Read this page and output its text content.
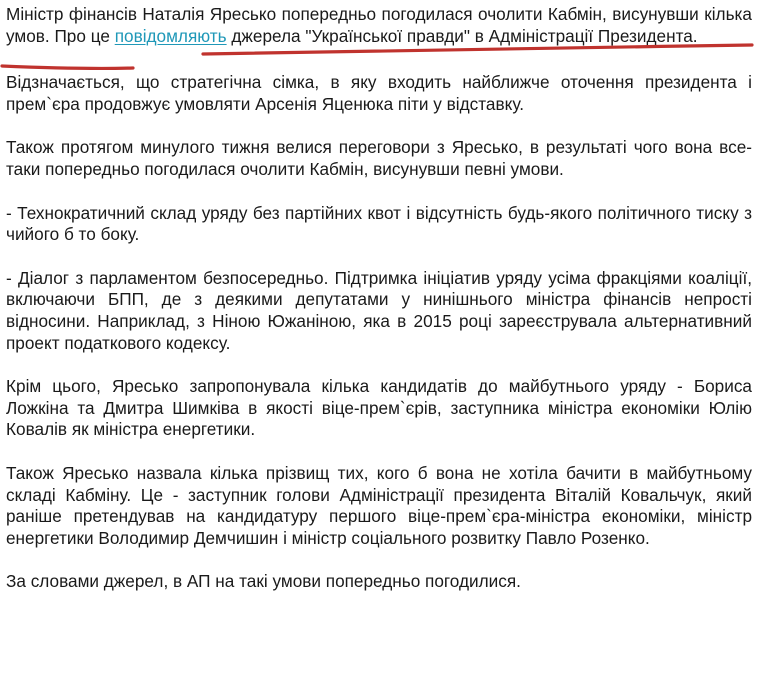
Міністр фінансів Наталія Яресько попередньо погодилася очолити Кабмін, висунувши кілька умов. Про це повідомляють джерела "Української правди" в Адміністрації Президента.

Відзначається, що стратегічна сімка, в яку входить найближче оточення президента і прем`єра продовжує умовляти Арсенія Яценюка піти у відставку.

Також протягом минулого тижня велися переговори з Яресько, в результаті чого вона все-таки попередньо погодилася очолити Кабмін, висунувши певні умови.

- Технократичний склад уряду без партійних квот і відсутність будь-якого політичного тиску з чийого б то боку.

- Діалог з парламентом безпосередньо. Підтримка ініціатив уряду усіма фракціями коаліції, включаючи БПП, де з деякими депутатами у нинішнього міністра фінансів непрості відносини. Наприклад, з Ніною Южаніною, яка в 2015 році зареєструвала альтернативний проект податкового кодексу.

Крім цього, Яресько запропонувала кілька кандидатів до майбутнього уряду - Бориса Ложкіна та Дмитра Шимківа в якості віце-прем`єрів, заступника міністра економіки Юлію Ковалів як міністра енергетики.

Також Яресько назвала кілька прізвищ тих, кого б вона не хотіла бачити в майбутньому складі Кабміну. Це - заступник голови Адміністрації президента Віталій Ковальчук, який раніше претендував на кандидатуру першого віце-прем`єра-міністра економіки, міністр енергетики Володимир Демчишин і міністр соціального розвитку Павло Розенко.

За словами джерел, в АП на такі умови попередньо погодилися.
